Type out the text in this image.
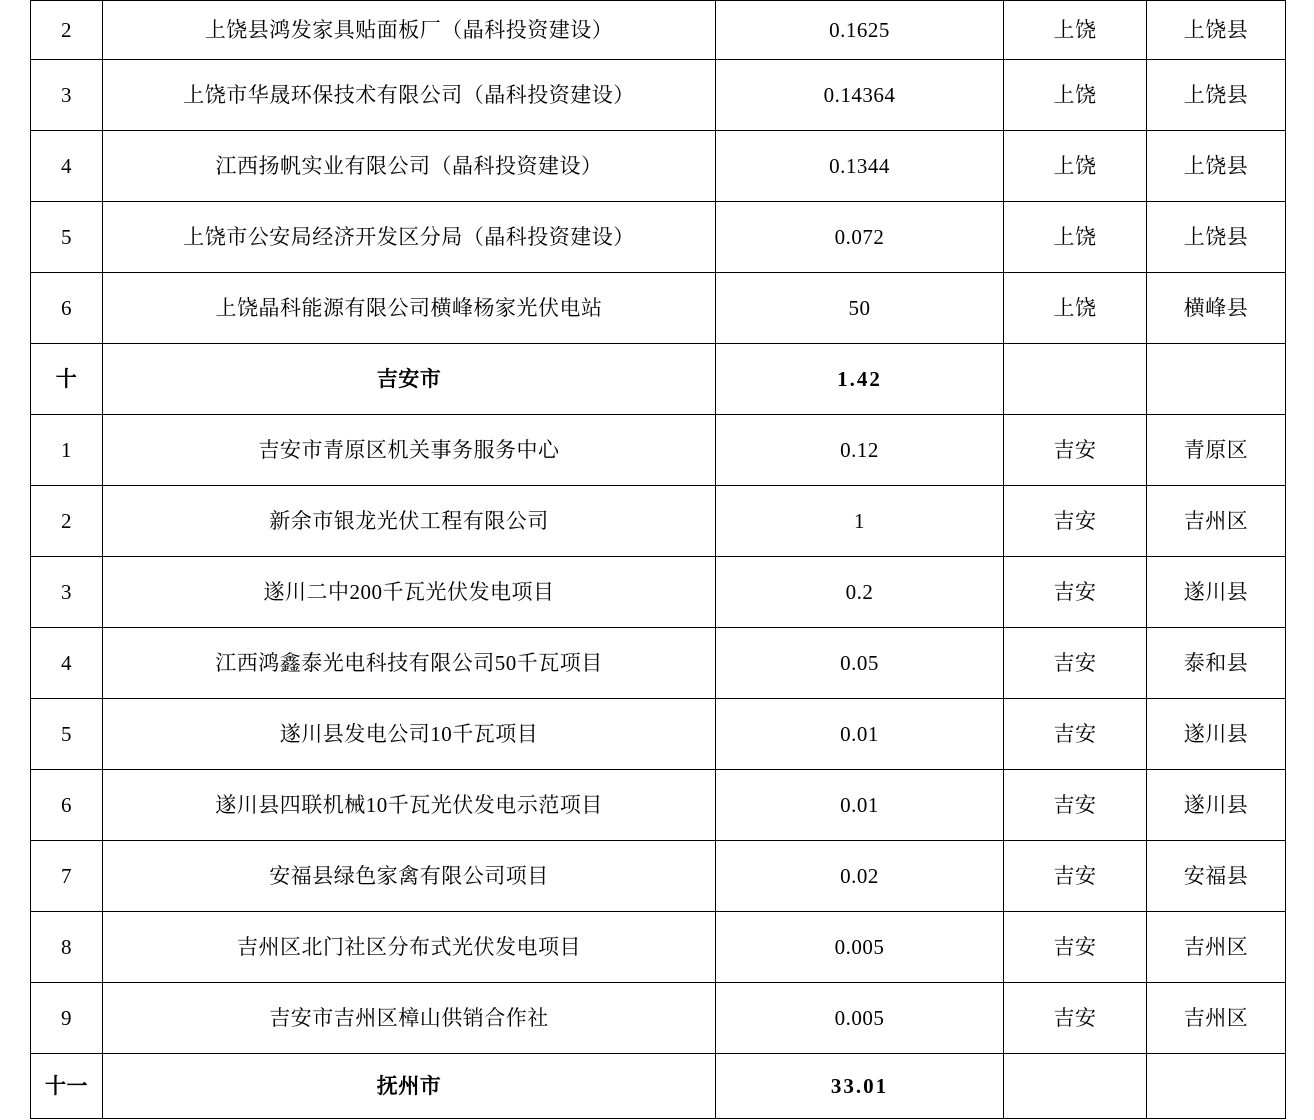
2	上饶县鸿发家具贴面板厂（晶科投资建设）	0.1625	上饶	上饶县

3	上饶市华晟环保技术有限公司（晶科投资建设）	0.14364	上饶	上饶县

4	江西扬帆实业有限公司（晶科投资建设）	0.1344	上饶	上饶县

5	上饶市公安局经济开发区分局（晶科投资建设）	0.072	上饶	上饶县

6	上饶晶科能源有限公司横峰杨家光伏电站	50	上饶	横峰县

十	吉安市	1.42		

1	吉安市青原区机关事务服务中心	0.12	吉安	青原区

2	新余市银龙光伏工程有限公司	1	吉安	吉州区

3	遂川二中200千瓦光伏发电项目	0.2	吉安	遂川县

4	江西鸿鑫泰光电科技有限公司50千瓦项目	0.05	吉安	泰和县

5	遂川县发电公司10千瓦项目	0.01	吉安	遂川县

6	遂川县四联机械10千瓦光伏发电示范项目	0.01	吉安	遂川县

7	安福县绿色家禽有限公司项目	0.02	吉安	安福县

8	吉州区北门社区分布式光伏发电项目	0.005	吉安	吉州区

9	吉安市吉州区樟山供销合作社	0.005	吉安	吉州区

十一	抚州市	33.01		
